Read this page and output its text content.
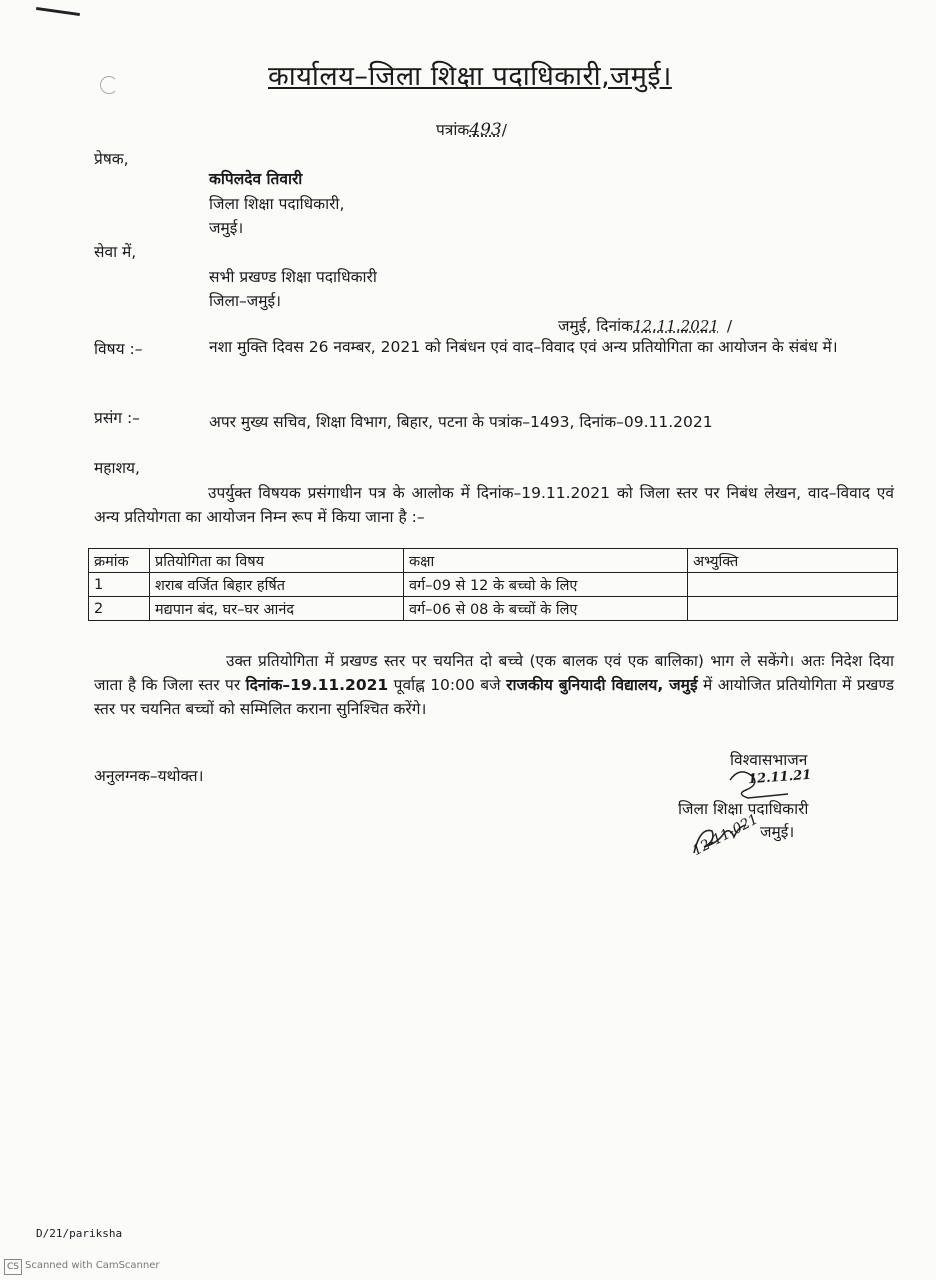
कार्यालय–जिला शिक्षा पदाधिकारी,जमुई।
पत्रांक493/
प्रेषक,
कपिलदेव तिवारी
जिला शिक्षा पदाधिकारी,
जमुई।
सेवा में,
सभी प्रखण्ड शिक्षा पदाधिकारी
जिला–जमुई।
जमुई, दिनांक12.11.2021 /
विषय :–	नशा मुक्ति दिवस 26 नवम्बर, 2021 को निबंधन एवं वाद–विवाद एवं अन्य प्रतियोगिता का आयोजन के संबंध में।
प्रसंग :–	अपर मुख्य सचिव, शिक्षा विभाग, बिहार, पटना के पत्रांक–1493, दिनांक–09.11.2021
महाशय,
उपर्युक्त विषयक प्रसंगाधीन पत्र के आलोक में दिनांक–19.11.2021 को जिला स्तर पर निबंध लेखन, वाद–विवाद एवं अन्य प्रतियोगता का आयोजन निम्न रूप में किया जाना है :–
क्रमांक	प्रतियोगिता का विषय	कक्षा	अभ्युक्ति
1	शराब वर्जित बिहार हर्षित	वर्ग–09 से 12 के बच्चो के लिए	
2	मद्यपान बंद, घर–घर आनंद	वर्ग–06 से 08 के बच्चों के लिए	
उक्त प्रतियोगिता में प्रखण्ड स्तर पर चयनित दो बच्चे (एक बालक एवं एक बालिका) भाग ले सकेंगे। अतः निदेश दिया जाता है कि जिला स्तर पर दिनांक–19.11.2021 पूर्वाह्न 10:00 बजे राजकीय बुनियादी विद्यालय, जमुई में आयोजित प्रतियोगिता में प्रखण्ड स्तर पर चयनित बच्चों को सम्मिलित कराना सुनिश्चित करेंगे।
अनुलग्नक–यथोक्त।
विश्वासभाजन
12.11.21
जिला शिक्षा पदाधिकारी
जमुई।
12-11-021
D/21/pariksha
CS Scanned with CamScanner
